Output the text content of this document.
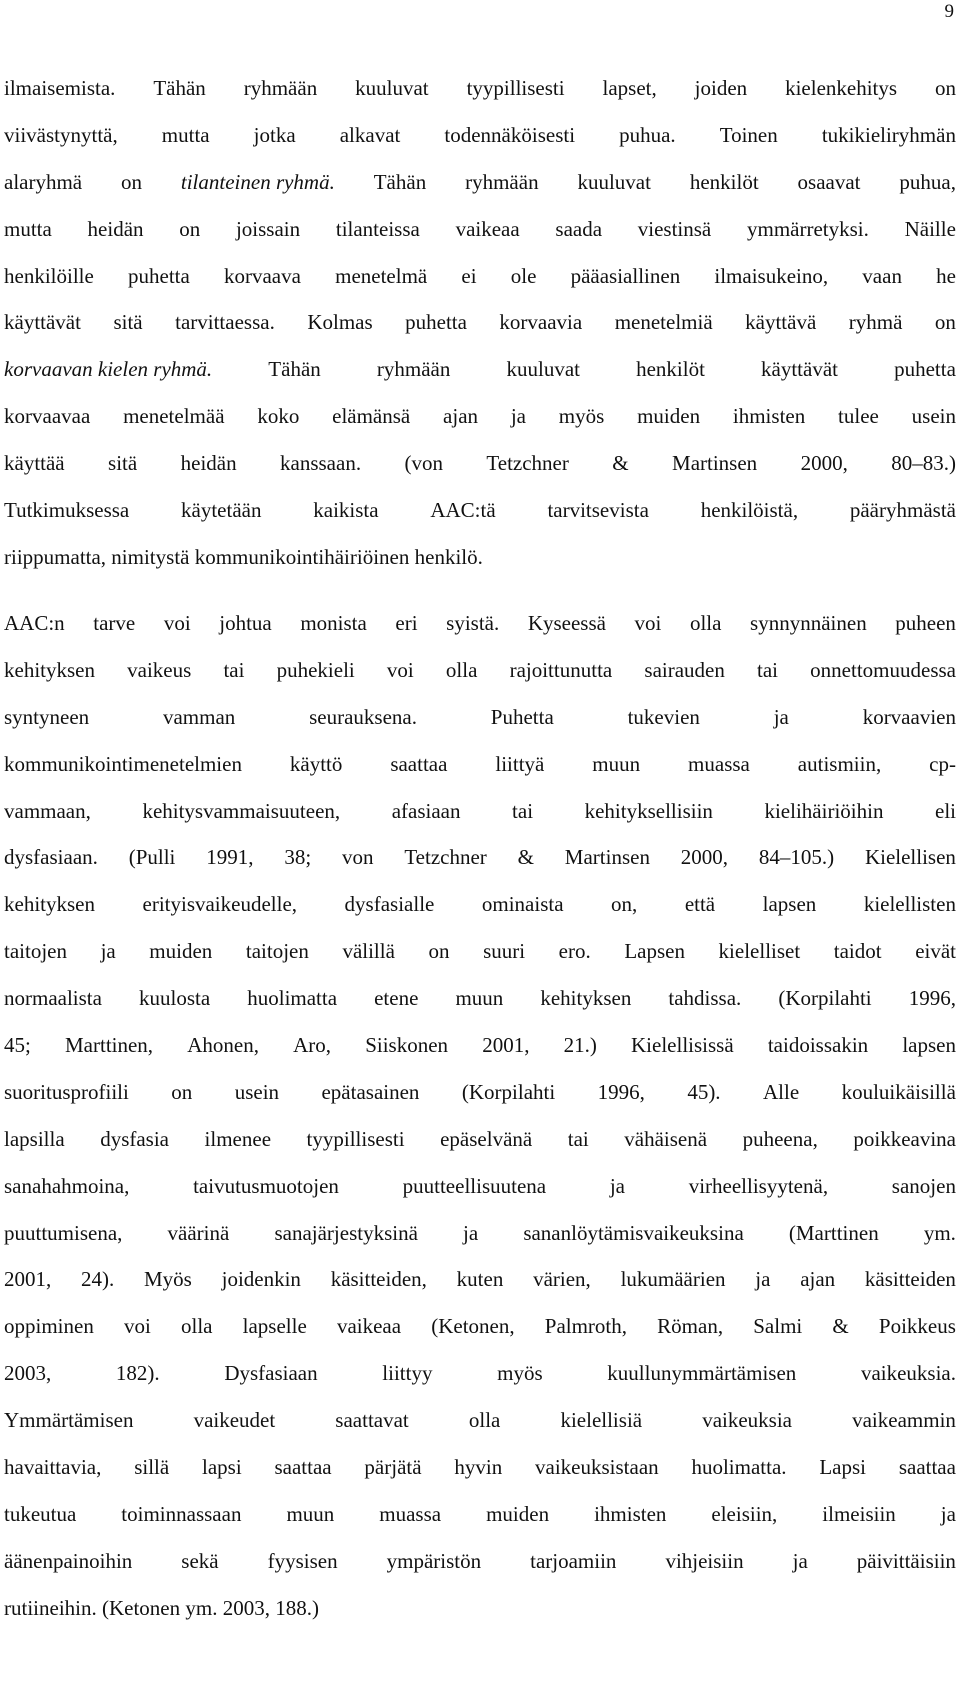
9
ilmaisemista. Tähän ryhmään kuuluvat tyypillisesti lapset, joiden kielenkehitys on
viivästynyttä, mutta jotka alkavat todennäköisesti puhua. Toinen tukikieliryhmän
alaryhmä on tilanteinen ryhmä. Tähän ryhmään kuuluvat henkilöt osaavat puhua,
mutta heidän on joissain tilanteissa vaikeaa saada viestinsä ymmärretyksi. Näille
henkilöille puhetta korvaava menetelmä ei ole pääasiallinen ilmaisukeino, vaan he
käyttävät sitä tarvittaessa. Kolmas puhetta korvaavia menetelmiä käyttävä ryhmä on
korvaavan kielen ryhmä.	Tähän	ryhmään	kuuluvat	henkilöt	käyttävät	puhetta
korvaavaa menetelmää koko elämänsä ajan ja myös muiden ihmisten tulee usein
käyttää sitä heidän kanssaan. (von Tetzchner & Martinsen 2000, 80–83.)
Tutkimuksessa käytetään kaikista AAC:tä tarvitsevista henkilöistä, pääryhmästä
riippumatta, nimitystä kommunikointihäiriöinen henkilö.
AAC:n tarve voi johtua monista eri syistä. Kyseessä voi olla synnynnäinen puheen
kehityksen vaikeus tai puhekieli voi olla rajoittunutta sairauden tai onnettomuudessa
syntyneen	vamman	seurauksena.	Puhetta	tukevien	ja	korvaavien
kommunikointimenetelmien käyttö saattaa liittyä muun muassa autismiin, cp-
vammaan, kehitysvammaisuuteen, afasiaan tai kehityksellisiin kielihäiriöihin eli
dysfasiaan. (Pulli 1991, 38; von Tetzchner & Martinsen 2000, 84–105.) Kielellisen
kehityksen erityisvaikeudelle, dysfasialle ominaista on, että lapsen kielellisten
taitojen ja muiden taitojen välillä on suuri ero. Lapsen kielelliset taidot eivät
normaalista kuulosta huolimatta etene muun kehityksen tahdissa. (Korpilahti 1996,
45; Marttinen, Ahonen, Aro, Siiskonen 2001, 21.) Kielellisissä taidoissakin lapsen
suoritusprofiili on usein epätasainen (Korpilahti 1996, 45). Alle kouluikäisillä
lapsilla dysfasia ilmenee tyypillisesti epäselvänä tai vähäisenä puheena, poikkeavina
sanahahmoina,	taivutusmuotojen	puutteellisuutena	ja	virheellisyytenä,	sanojen
puuttumisena, väärinä sanajärjestyksinä ja sananlöytämisvaikeuksina (Marttinen ym.
2001, 24). Myös joidenkin käsitteiden, kuten värien, lukumäärien ja ajan käsitteiden
oppiminen voi olla lapselle vaikeaa (Ketonen, Palmroth, Röman, Salmi & Poikkeus
2003,	182).	Dysfasiaan	liittyy	myös	kuullunymmärtämisen	vaikeuksia.
Ymmärtämisen	vaikeudet	saattavat	olla	kielellisiä	vaikeuksia	vaikeammin
havaittavia, sillä lapsi saattaa pärjätä hyvin vaikeuksistaan huolimatta. Lapsi saattaa
tukeutua toiminnassaan muun muassa muiden ihmisten eleisiin, ilmeisiin ja
äänenpainoihin sekä fyysisen ympäristön tarjoamiin vihjeisiin ja päivittäisiin
rutiineihin. (Ketonen ym. 2003, 188.)
